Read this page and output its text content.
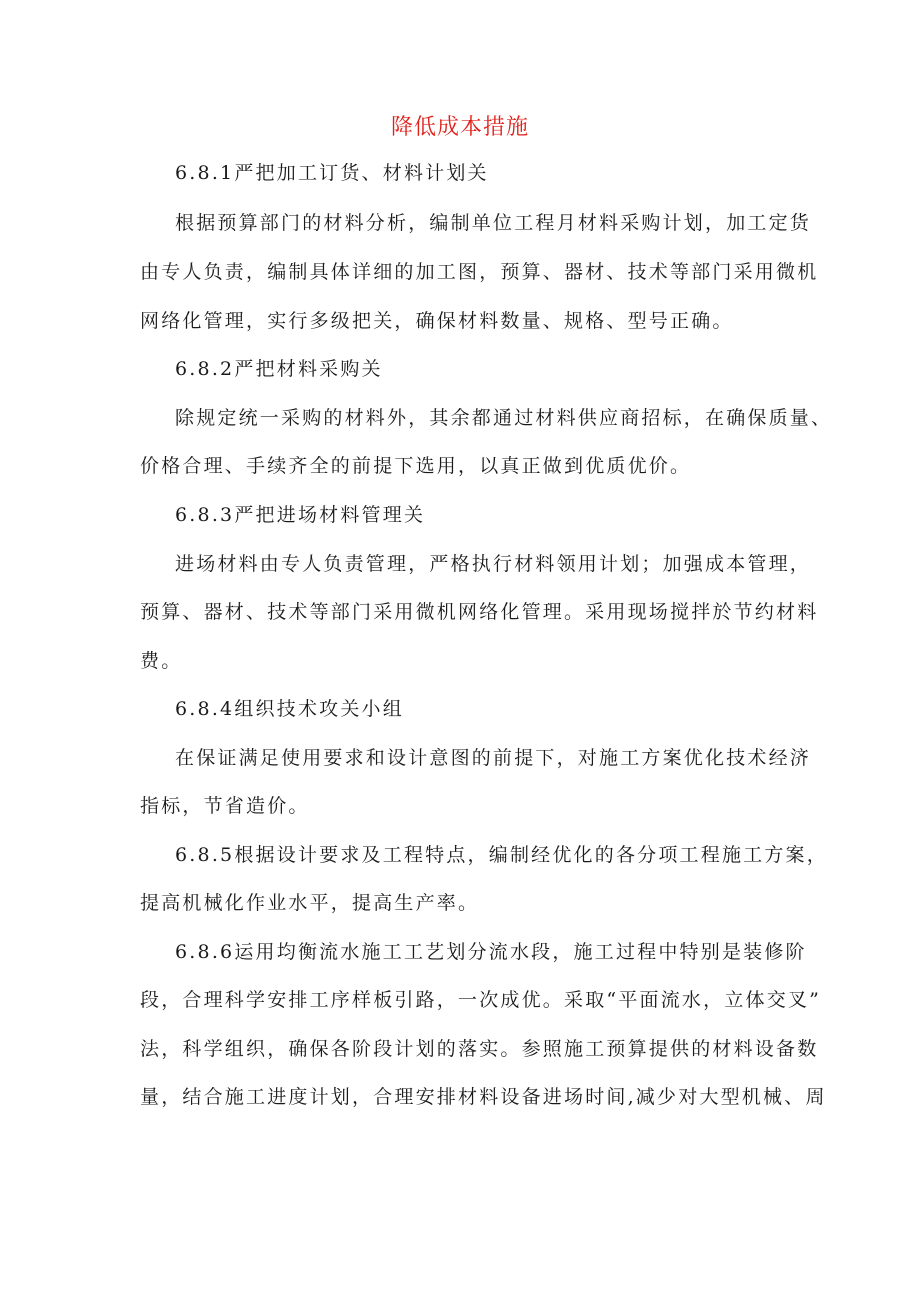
降低成本措施
6.8.1严把加工订货、材料计划关
根据预算部门的材料分析，编制单位工程月材料采购计划，加工定货
由专人负责，编制具体详细的加工图，预算、器材、技术等部门采用微机
网络化管理，实行多级把关，确保材料数量、规格、型号正确。
6.8.2严把材料采购关
除规定统一采购的材料外，其余都通过材料供应商招标，在确保质量、
价格合理、手续齐全的前提下选用，以真正做到优质优价。
6.8.3严把进场材料管理关
进场材料由专人负责管理，严格执行材料领用计划；加强成本管理，
预算、器材、技术等部门采用微机网络化管理。采用现场搅拌於节约材料
费。
6.8.4组织技术攻关小组
在保证满足使用要求和设计意图的前提下，对施工方案优化技术经济
指标，节省造价。
6.8.5根据设计要求及工程特点，编制经优化的各分项工程施工方案，
提高机械化作业水平，提高生产率。
6.8.6运用均衡流水施工工艺划分流水段，施工过程中特别是装修阶
段，合理科学安排工序样板引路，一次成优。采取“平面流水，立体交叉”
法，科学组织，确保各阶段计划的落实。参照施工预算提供的材料设备数
量，结合施工进度计划，合理安排材料设备进场时间,减少对大型机械、周
